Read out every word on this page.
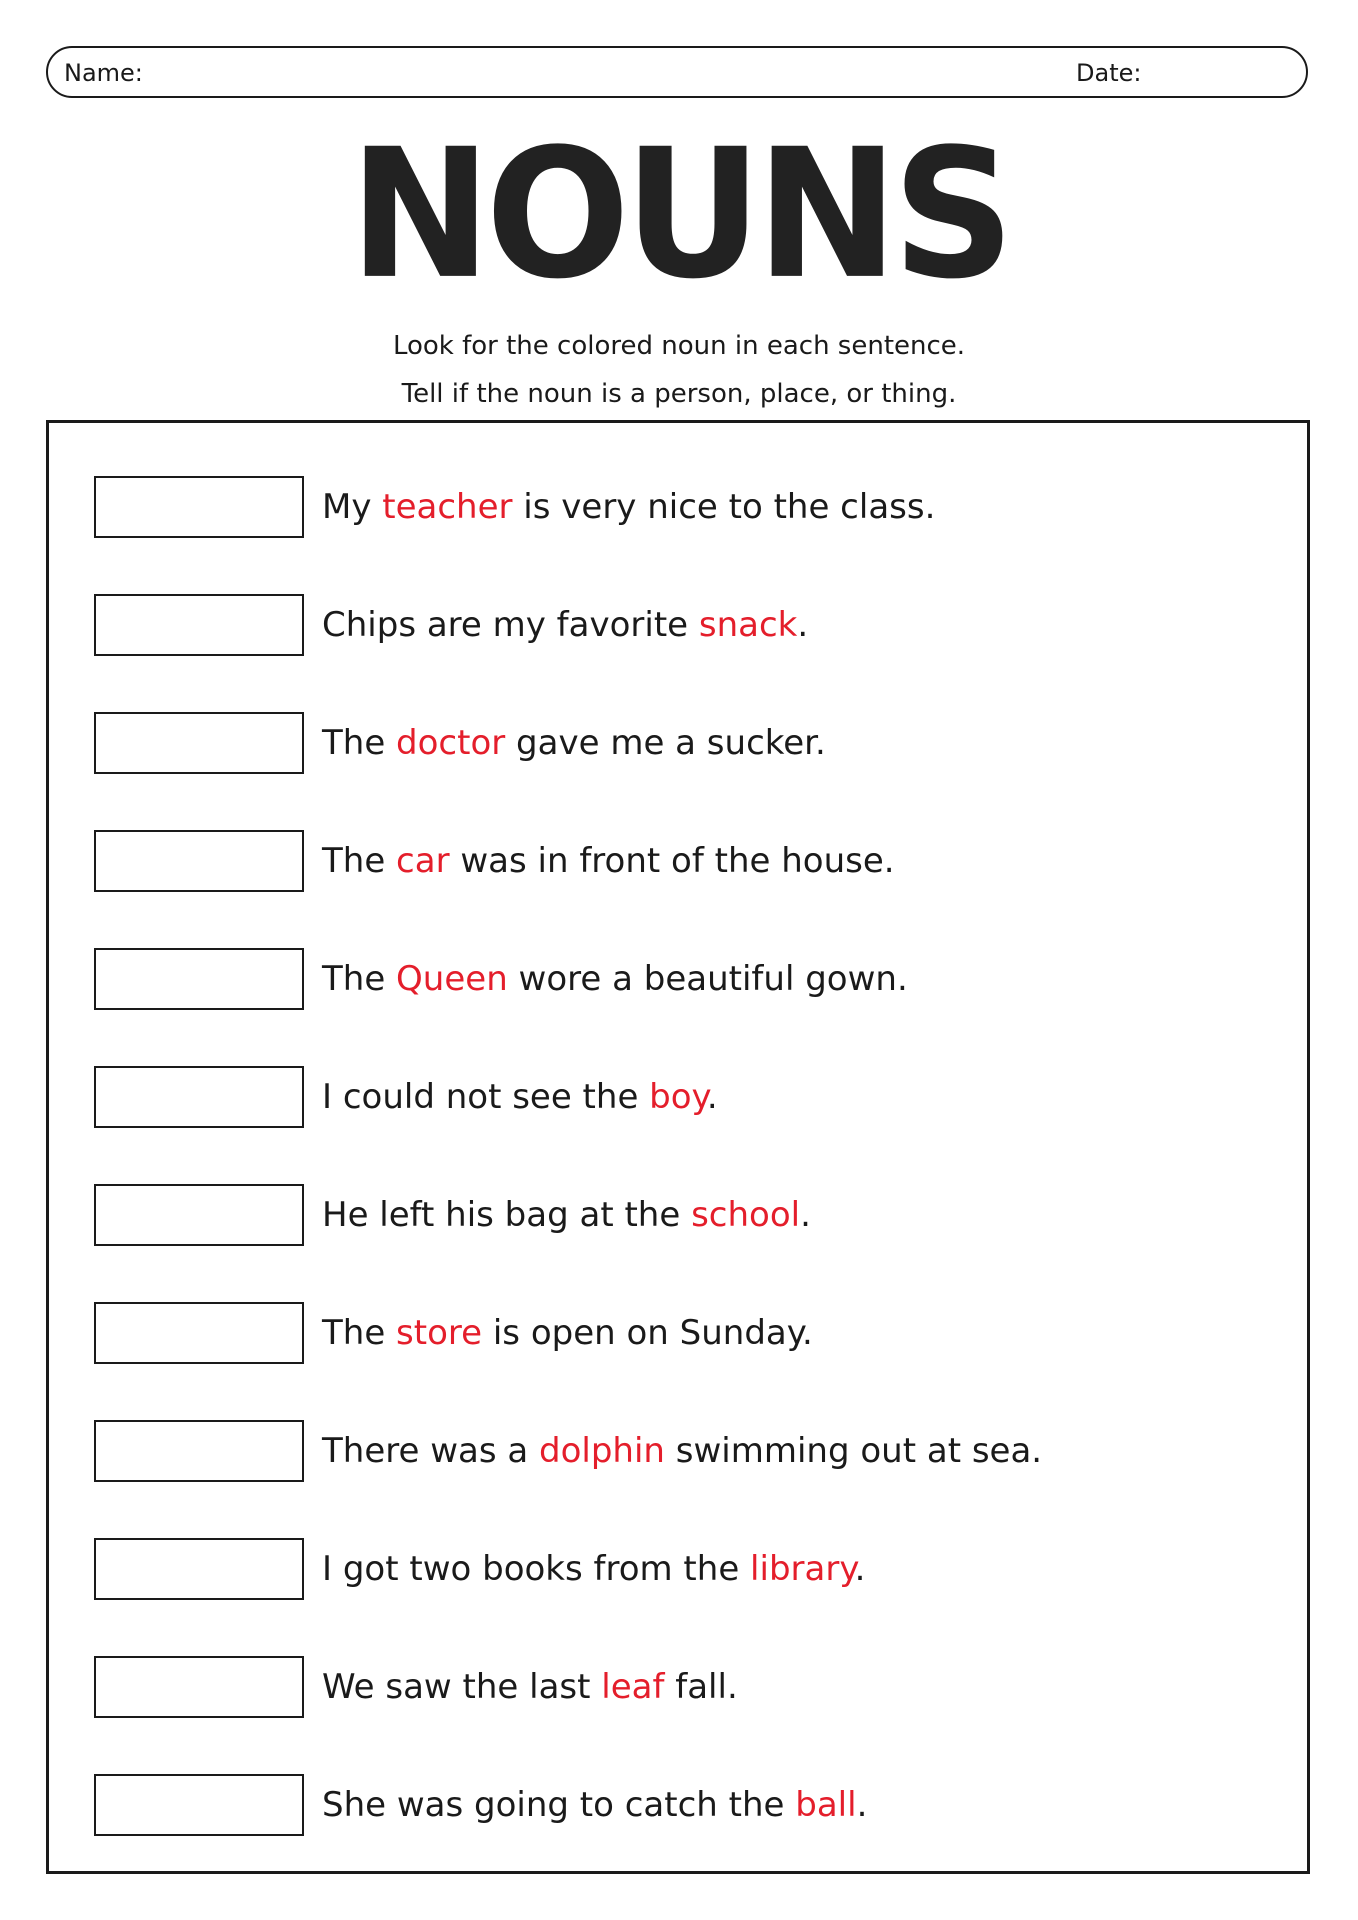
Name:	Date:
NOUNS
Look for the colored noun in each sentence.
Tell if the noun is a person, place, or thing.
My teacher is very nice to the class.
Chips are my favorite snack.
The doctor gave me a sucker.
The car was in front of the house.
The Queen wore a beautiful gown.
I could not see the boy.
He left his bag at the school.
The store is open on Sunday.
There was a dolphin swimming out at sea.
I got two books from the library.
We saw the last leaf fall.
She was going to catch the ball.
